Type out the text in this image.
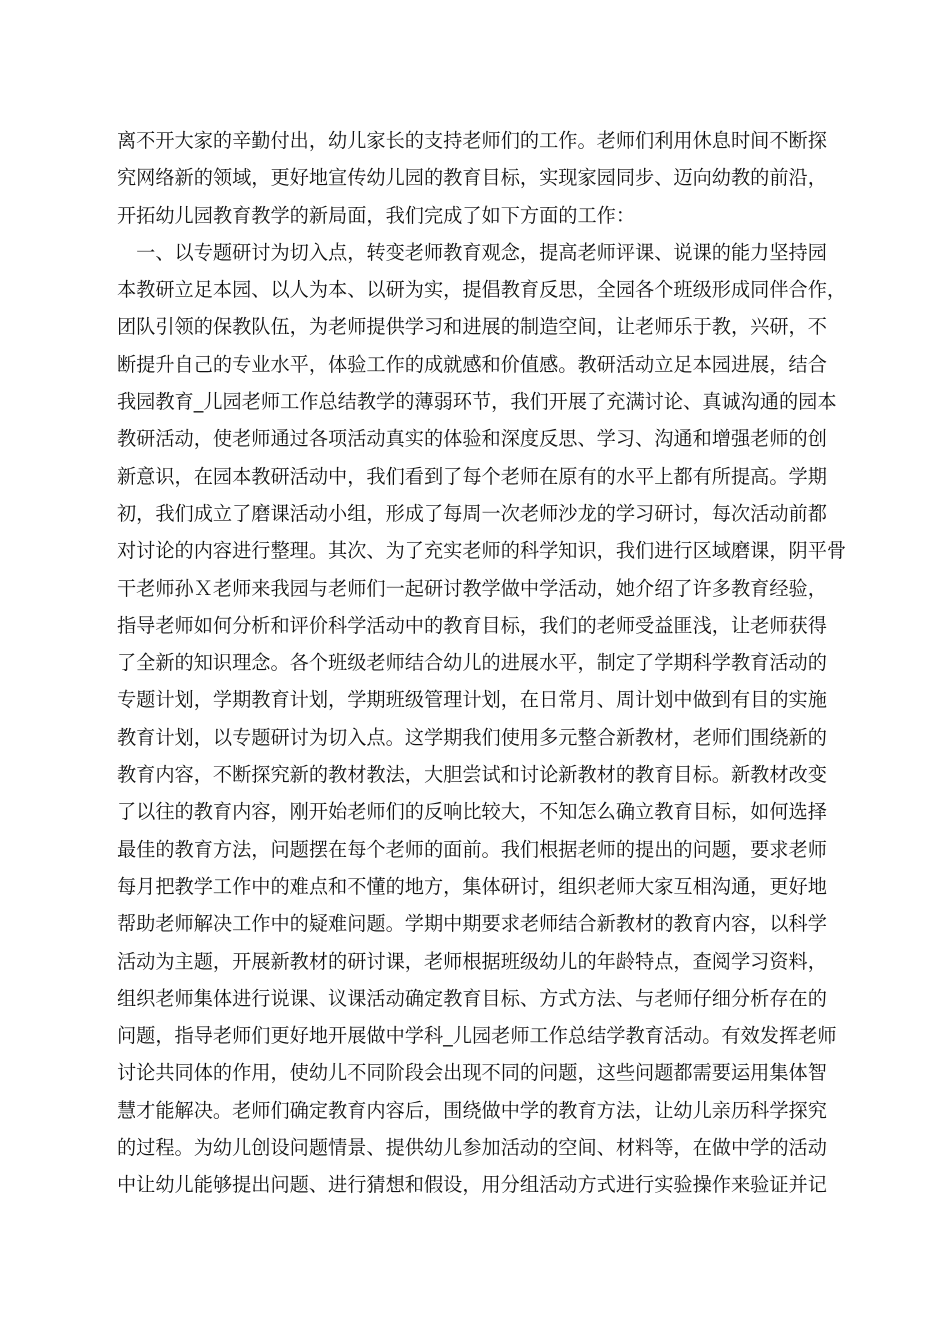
离不开大家的辛勤付出，幼儿家长的支持老师们的工作。老师们利用休息时间不断探
究网络新的领域，更好地宣传幼儿园的教育目标，实现家园同步、迈向幼教的前沿，
开拓幼儿园教育教学的新局面，我们完成了如下方面的工作：
　一、以专题研讨为切入点，转变老师教育观念，提高老师评课、说课的能力坚持园
本教研立足本园、以人为本、以研为实，提倡教育反思，全园各个班级形成同伴合作，
团队引领的保教队伍，为老师提供学习和进展的制造空间，让老师乐于教，兴研，不
断提升自己的专业水平，体验工作的成就感和价值感。教研活动立足本园进展，结合
我园教育_儿园老师工作总结教学的薄弱环节，我们开展了充满讨论、真诚沟通的园本
教研活动，使老师通过各项活动真实的体验和深度反思、学习、沟通和增强老师的创
新意识，在园本教研活动中，我们看到了每个老师在原有的水平上都有所提高。学期
初，我们成立了磨课活动小组，形成了每周一次老师沙龙的学习研讨，每次活动前都
对讨论的内容进行整理。其次、为了充实老师的科学知识，我们进行区域磨课，阴平骨
干老师孙Ｘ老师来我园与老师们一起研讨教学做中学活动，她介绍了许多教育经验，
指导老师如何分析和评价科学活动中的教育目标，我们的老师受益匪浅，让老师获得
了全新的知识理念。各个班级老师结合幼儿的进展水平，制定了学期科学教育活动的
专题计划，学期教育计划，学期班级管理计划，在日常月、周计划中做到有目的实施
教育计划，以专题研讨为切入点。这学期我们使用多元整合新教材，老师们围绕新的
教育内容，不断探究新的教材教法，大胆尝试和讨论新教材的教育目标。新教材改变
了以往的教育内容，刚开始老师们的反响比较大，不知怎么确立教育目标，如何选择
最佳的教育方法，问题摆在每个老师的面前。我们根据老师的提出的问题，要求老师
每月把教学工作中的难点和不懂的地方，集体研讨，组织老师大家互相沟通，更好地
帮助老师解决工作中的疑难问题。学期中期要求老师结合新教材的教育内容，以科学
活动为主题，开展新教材的研讨课，老师根据班级幼儿的年龄特点，查阅学习资料，
组织老师集体进行说课、议课活动确定教育目标、方式方法、与老师仔细分析存在的
问题，指导老师们更好地开展做中学科_儿园老师工作总结学教育活动。有效发挥老师
讨论共同体的作用，使幼儿不同阶段会出现不同的问题，这些问题都需要运用集体智
慧才能解决。老师们确定教育内容后，围绕做中学的教育方法，让幼儿亲历科学探究
的过程。为幼儿创设问题情景、提供幼儿参加活动的空间、材料等，在做中学的活动
中让幼儿能够提出问题、进行猜想和假设，用分组活动方式进行实验操作来验证并记
